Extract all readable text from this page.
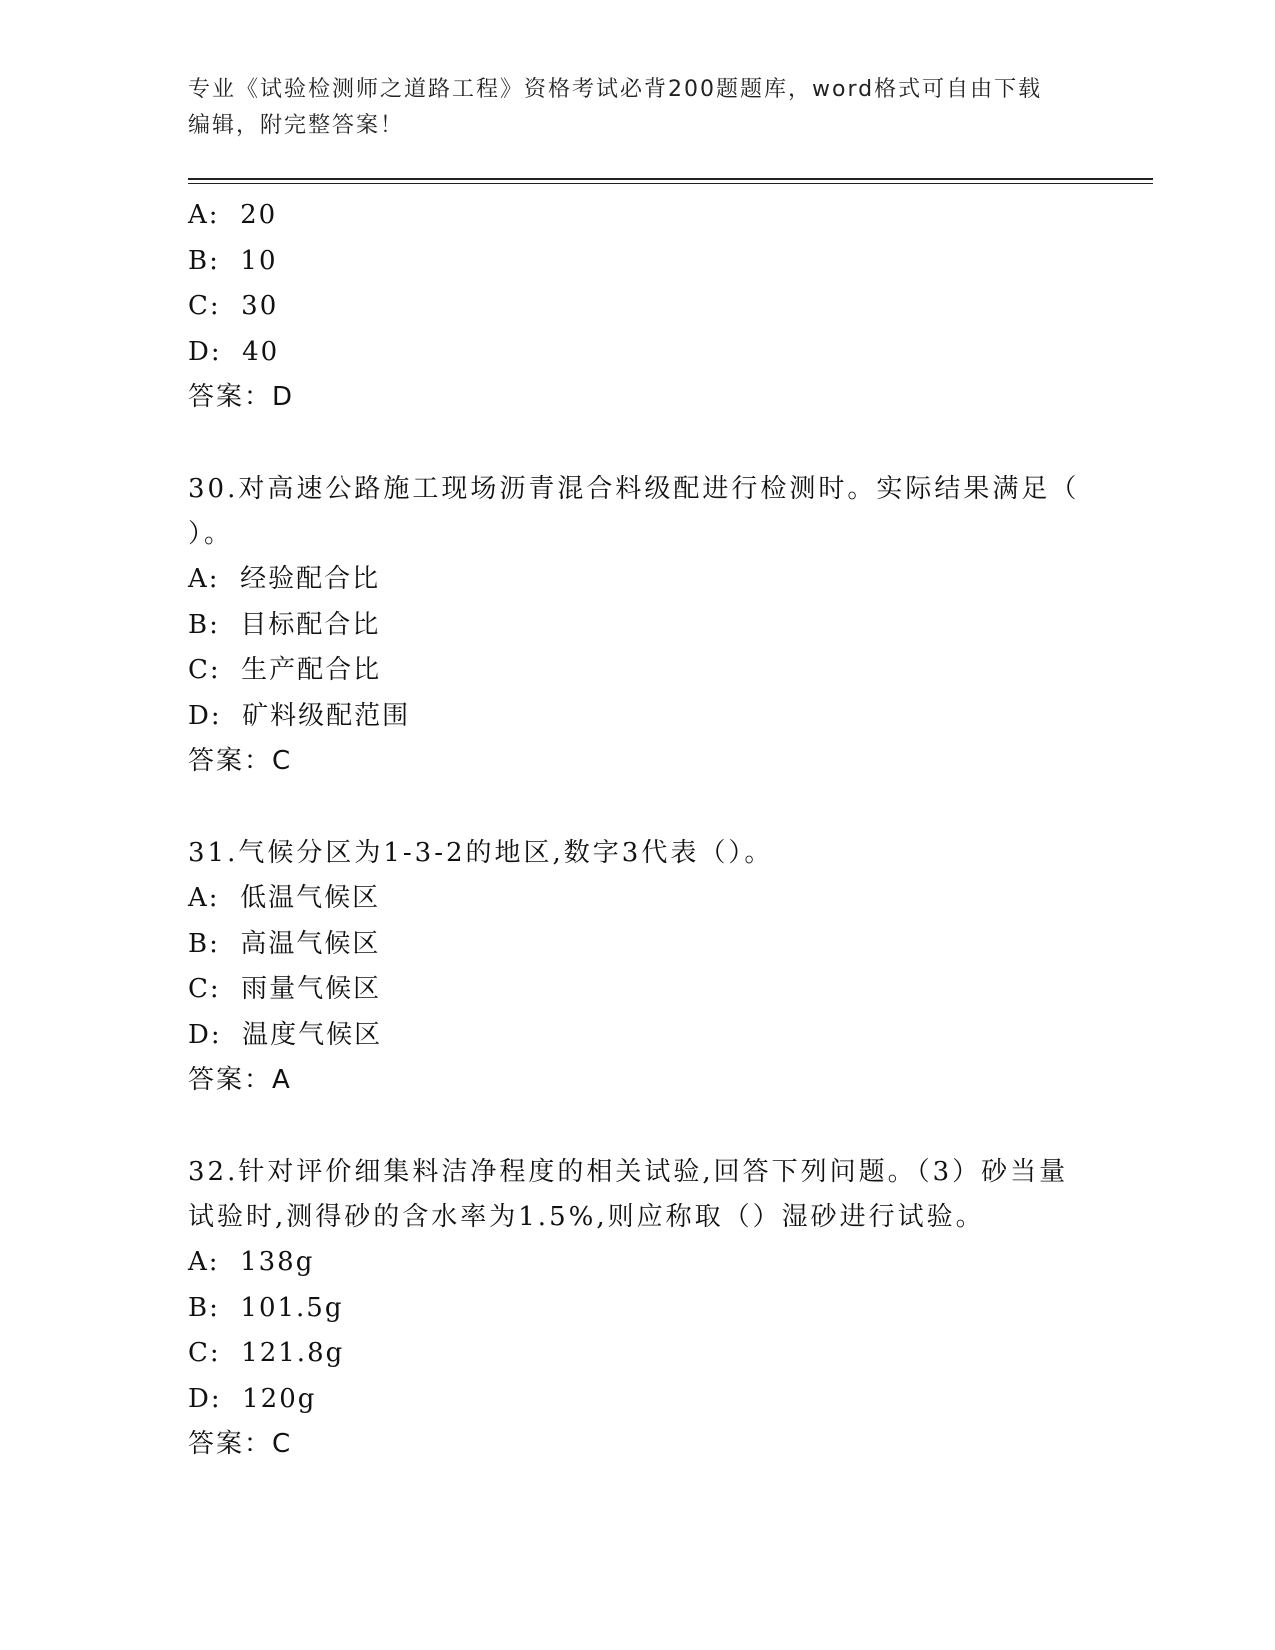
专业《试验检测师之道路工程》资格考试必背200题题库，word格式可自由下载
编辑，附完整答案！
A:  20
B:  10
C:  30
D:  40
答案：D
30.对高速公路施工现场沥青混合料级配进行检测时。实际结果满足（
）。
A:  经验配合比
B:  目标配合比
C:  生产配合比
D:  矿料级配范围
答案：C
31.气候分区为1-3-2的地区,数字3代表（）。
A:  低温气候区
B:  高温气候区
C:  雨量气候区
D:  温度气候区
答案：A
32.针对评价细集料洁净程度的相关试验,回答下列问题。（3）砂当量
试验时,测得砂的含水率为1.5%,则应称取（）湿砂进行试验。
A:  138g
B:  101.5g
C:  121.8g
D:  120g
答案：C
